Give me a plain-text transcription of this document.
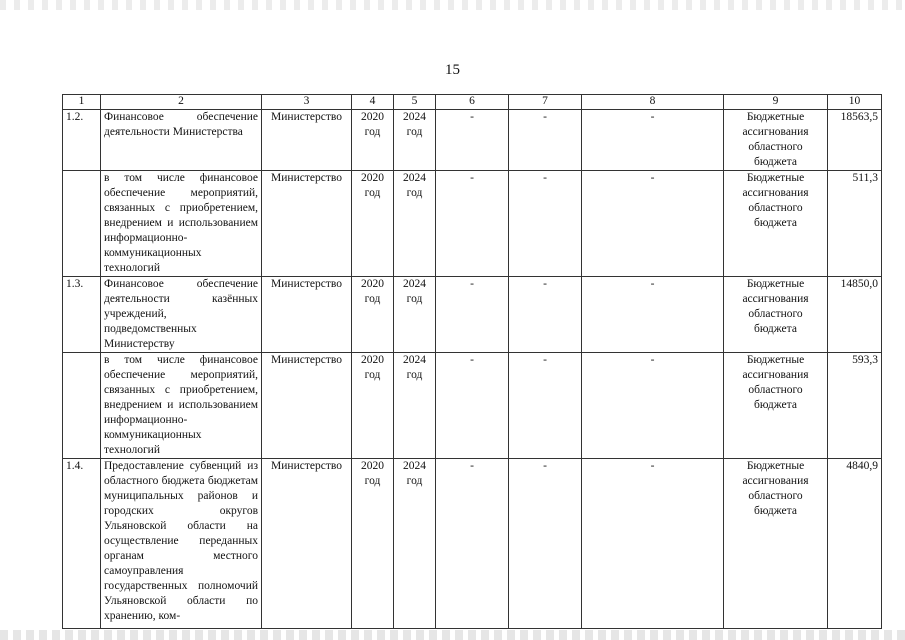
15
1	2	3	4	5	6	7	8	9	10
1.2.	Финансовое обеспечение деятельности Министерства	Министерство	2020 год	2024 год	-	-	-	Бюджетные ассигнования областного бюджета	18563,5
	в том числе финансовое обеспечение мероприятий, связанных с приобретением, внедрением и использованием информационно-коммуникационных технологий	Министерство	2020 год	2024 год	-	-	-	Бюджетные ассигнования областного бюджета	511,3
1.3.	Финансовое обеспечение деятельности казённых учреждений, подведомственных Министерству	Министерство	2020 год	2024 год	-	-	-	Бюджетные ассигнования областного бюджета	14850,0
	в том числе финансовое обеспечение мероприятий, связанных с приобретением, внедрением и использованием информационно-коммуникационных технологий	Министерство	2020 год	2024 год	-	-	-	Бюджетные ассигнования областного бюджета	593,3
1.4.	Предоставление субвенций из областного бюджета бюджетам муниципальных районов и городских округов Ульяновской области на осуществление переданных органам местного самоуправления государственных полномочий Ульяновской области по хранению, ком-	Министерство	2020 год	2024 год	-	-	-	Бюджетные ассигнования областного бюджета	4840,9
